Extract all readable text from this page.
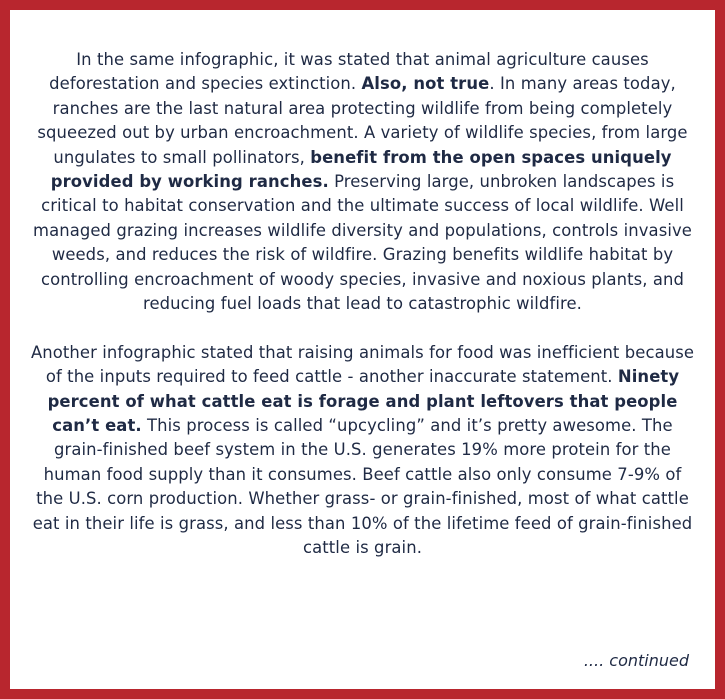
In the same infographic, it was stated that animal agriculture causes deforestation and species extinction. Also, not true. In many areas today, ranches are the last natural area protecting wildlife from being completely squeezed out by urban encroachment. A variety of wildlife species, from large ungulates to small pollinators, benefit from the open spaces uniquely provided by working ranches. Preserving large, unbroken landscapes is critical to habitat conservation and the ultimate success of local wildlife. Well managed grazing increases wildlife diversity and populations, controls invasive weeds, and reduces the risk of wildfire. Grazing benefits wildlife habitat by controlling encroachment of woody species, invasive and noxious plants, and reducing fuel loads that lead to catastrophic wildfire.

Another infographic stated that raising animals for food was inefficient because of the inputs required to feed cattle - another inaccurate statement. Ninety percent of what cattle eat is forage and plant leftovers that people can’t eat. This process is called “upcycling” and it’s pretty awesome. The grain-finished beef system in the U.S. generates 19% more protein for the human food supply than it consumes. Beef cattle also only consume 7-9% of the U.S. corn production. Whether grass- or grain-finished, most of what cattle eat in their life is grass, and less than 10% of the lifetime feed of grain-finished cattle is grain.

.... continued
